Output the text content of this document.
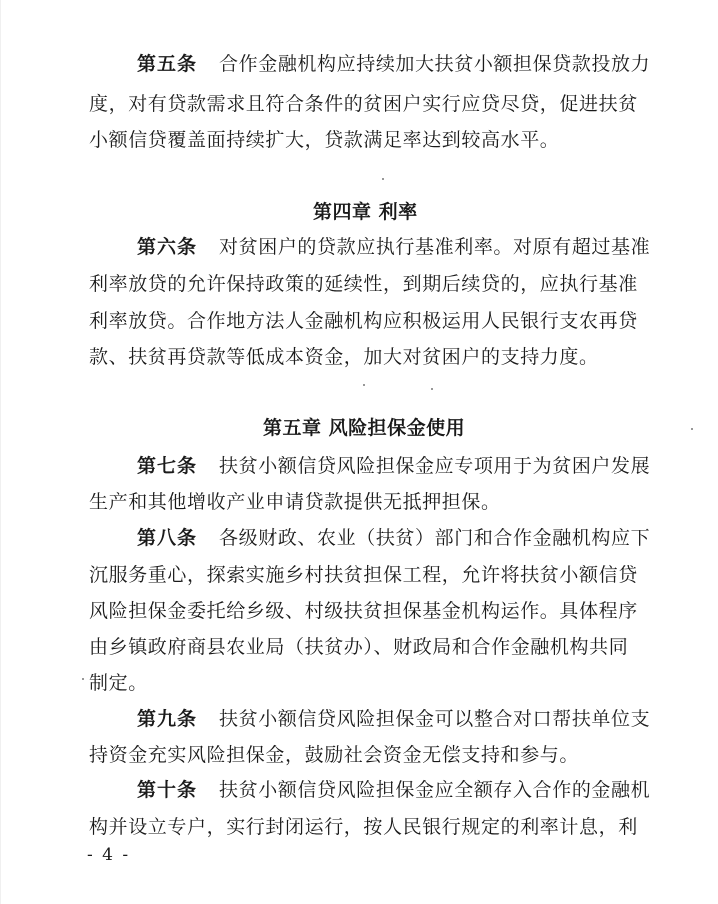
第五条 合作金融机构应持续加大扶贫小额担保贷款投放力
度，对有贷款需求且符合条件的贫困户实行应贷尽贷，促进扶贫
小额信贷覆盖面持续扩大，贷款满足率达到较高水平。
第四章 利率
第六条 对贫困户的贷款应执行基准利率。对原有超过基准
利率放贷的允许保持政策的延续性，到期后续贷的，应执行基准
利率放贷。合作地方法人金融机构应积极运用人民银行支农再贷
款、扶贫再贷款等低成本资金，加大对贫困户的支持力度。
第五章 风险担保金使用
第七条 扶贫小额信贷风险担保金应专项用于为贫困户发展
生产和其他增收产业申请贷款提供无抵押担保。
第八条 各级财政、农业（扶贫）部门和合作金融机构应下
沉服务重心，探索实施乡村扶贫担保工程，允许将扶贫小额信贷
风险担保金委托给乡级、村级扶贫担保基金机构运作。具体程序
由乡镇政府商县农业局（扶贫办）、财政局和合作金融机构共同
制定。
第九条 扶贫小额信贷风险担保金可以整合对口帮扶单位支
持资金充实风险担保金，鼓励社会资金无偿支持和参与。
第十条 扶贫小额信贷风险担保金应全额存入合作的金融机
构并设立专户，实行封闭运行，按人民银行规定的利率计息，利
- 4 -
